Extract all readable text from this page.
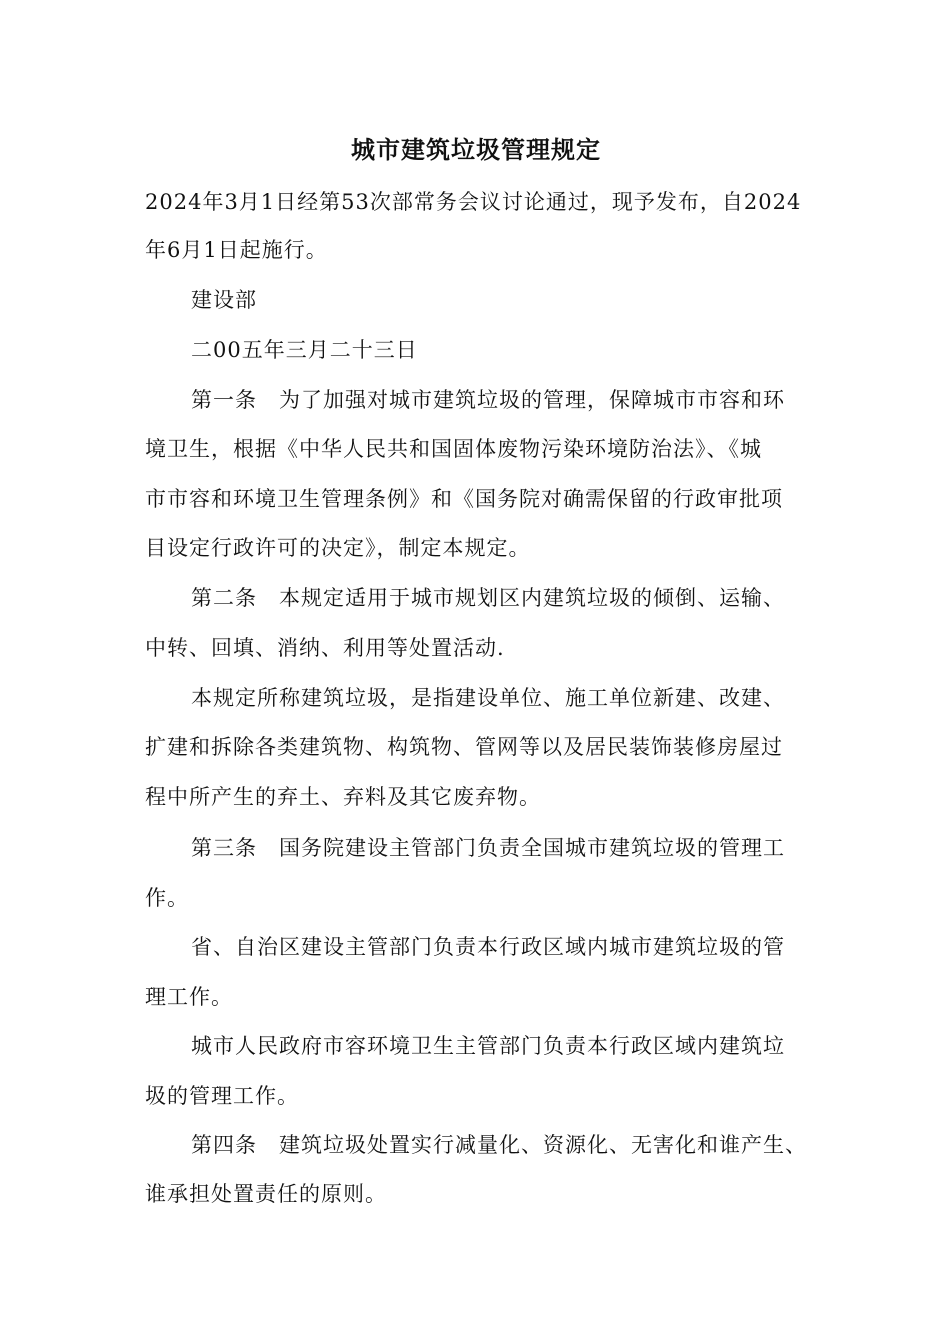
城市建筑垃圾管理规定
2024年3月1日经第53次部常务会议讨论通过，现予发布，自2024
年6月1日起施行。
建设部
二00五年三月二十三日
第一条　为了加强对城市建筑垃圾的管理，保障城市市容和环
境卫生，根据《中华人民共和国固体废物污染环境防治法》、《城
市市容和环境卫生管理条例》和《国务院对确需保留的行政审批项
目设定行政许可的决定》，制定本规定。
第二条　本规定适用于城市规划区内建筑垃圾的倾倒、运输、
中转、回填、消纳、利用等处置活动.
本规定所称建筑垃圾，是指建设单位、施工单位新建、改建、
扩建和拆除各类建筑物、构筑物、管网等以及居民装饰装修房屋过
程中所产生的弃土、弃料及其它废弃物。
第三条　国务院建设主管部门负责全国城市建筑垃圾的管理工
作。
省、自治区建设主管部门负责本行政区域内城市建筑垃圾的管
理工作。
城市人民政府市容环境卫生主管部门负责本行政区域内建筑垃
圾的管理工作。
第四条　建筑垃圾处置实行减量化、资源化、无害化和谁产生、
谁承担处置责任的原则。
